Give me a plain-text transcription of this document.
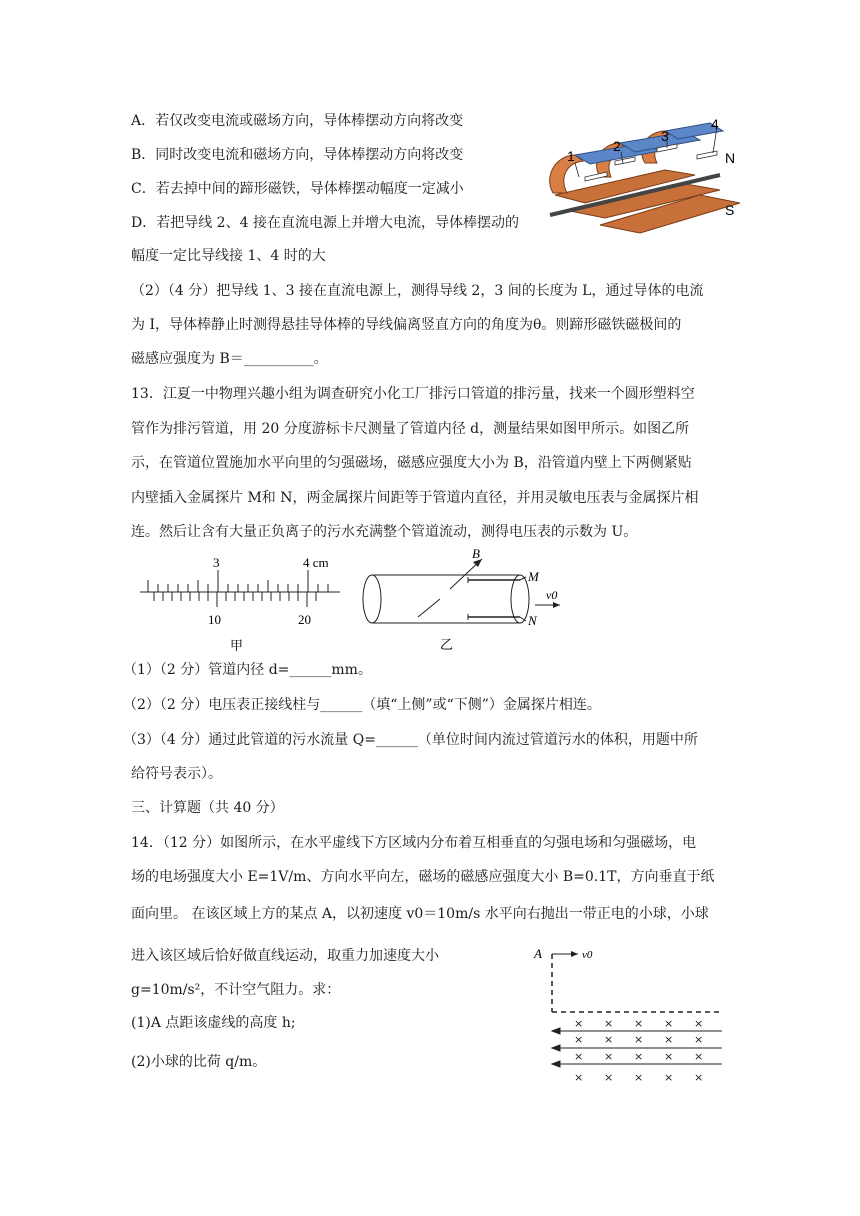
A．若仅改变电流或磁场方向，导体棒摆动方向将改变
B．同时改变电流和磁场方向，导体棒摆动方向将改变
C．若去掉中间的蹄形磁铁，导体棒摆动幅度一定减小
D．若把导线 2、4 接在直流电源上并增大电流，导体棒摆动的
幅度一定比导线接 1、4 时的大
1
2
3
4
N
S
（2）（4 分）把导线 1、3 接在直流电源上，测得导线 2，3 间的长度为 L，通过导体的电流
为 I，导体棒静止时测得悬挂导体棒的导线偏离竖直方向的角度为θ。则蹄形磁铁磁极间的
磁感应强度为 B＝__________。
13．江夏一中物理兴趣小组为调查研究小化工厂排污口管道的排污量，找来一个圆形塑料空
管作为排污管道，用 20 分度游标卡尺测量了管道内径 d，测量结果如图甲所示。如图乙所
示，在管道位置施加水平向里的匀强磁场，磁感应强度大小为 B，沿管道内壁上下两侧紧贴
内壁插入金属探片 M和 N，两金属探片间距等于管道内直径，并用灵敏电压表与金属探片相
连。然后让含有大量正负离子的污水充满整个管道流动，测得电压表的示数为 U。
3	4 cm
10	20
甲
B
M
N
v0
乙
（1）（2 分）管道内径 d=______mm。
（2）（2 分）电压表正接线柱与______（填“上侧”或“下侧”）金属探片相连。
（3）（4 分）通过此管道的污水流量 Q=______（单位时间内流过管道污水的体积，用题中所
给符号表示）。
三、计算题（共 40 分）
14．（12 分）如图所示，在水平虚线下方区域内分布着互相垂直的匀强电场和匀强磁场，电
场的电场强度大小 E=1V/m、方向水平向左，磁场的磁感应强度大小 B=0.1T，方向垂直于纸
面向里。 在该区域上方的某点 A，以初速度 v0＝10m/s 水平向右抛出一带正电的小球，小球
进入该区域后恰好做直线运动，取重力加速度大小
g=10m/s²，不计空气阻力。求：
(1)A 点距该虚线的高度 h;
(2)小球的比荷 q/m。
A	v0
× × × × ×
× × × × ×
× × × × ×
× × × × ×
